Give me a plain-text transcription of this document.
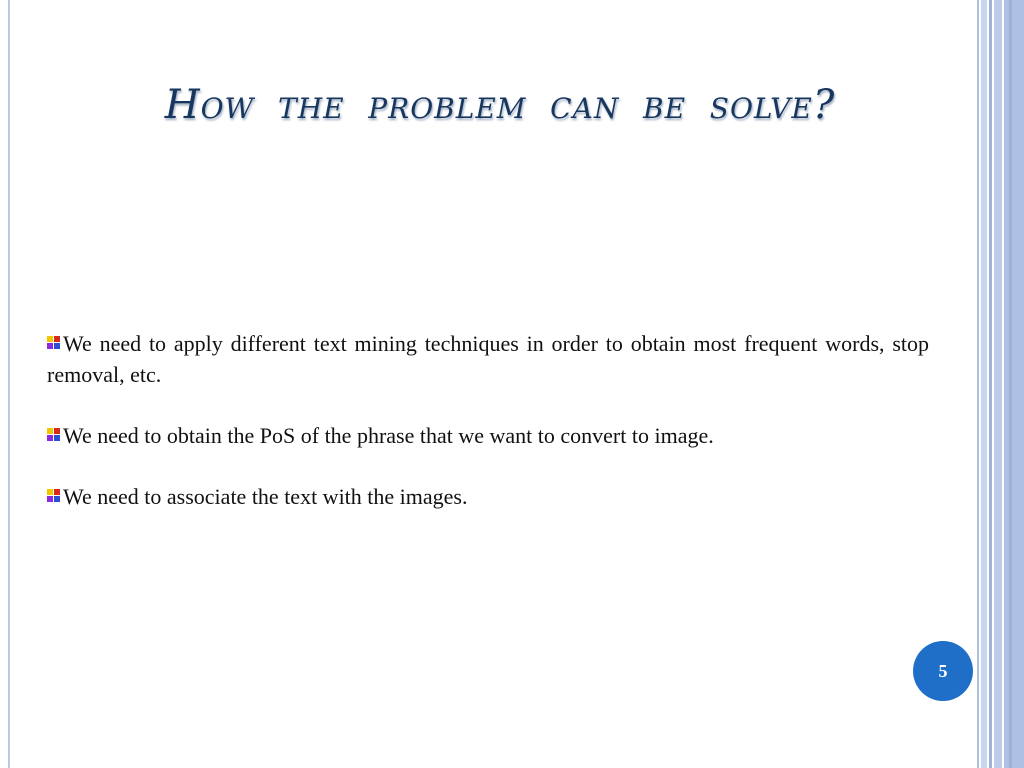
How the problem can be solve?

We need to apply different text mining techniques in order to obtain most frequent words, stop removal, etc.

We need to obtain the PoS of the phrase that we want to convert to image.

We need to associate the text with the images.

5
